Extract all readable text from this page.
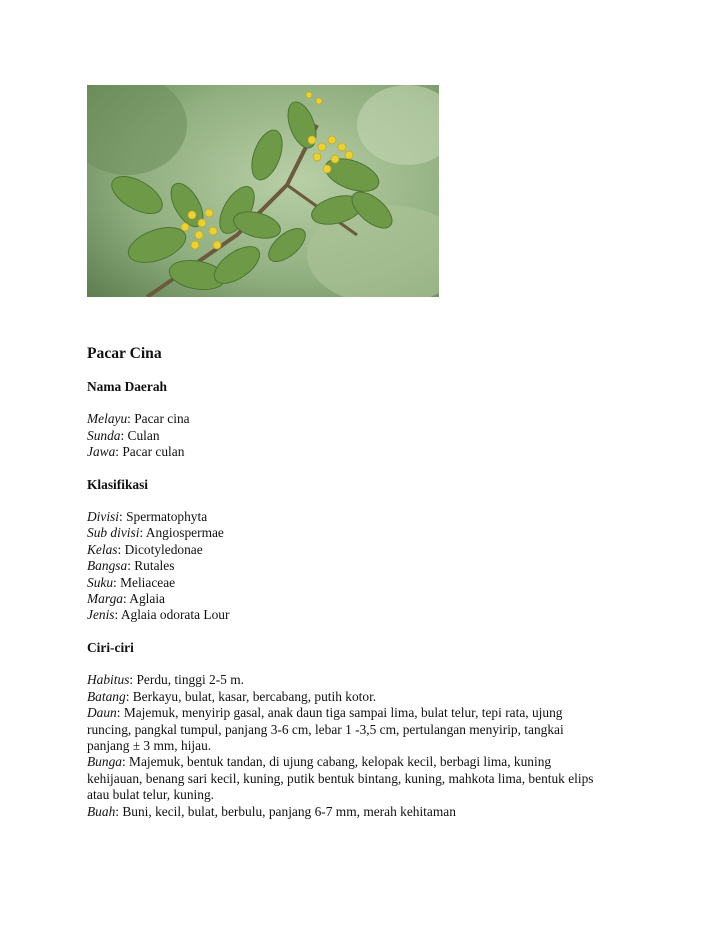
Pacar Cina

Nama Daerah

Melayu: Pacar cina

Sunda: Culan

Jawa: Pacar culan

Klasifikasi

Divisi: Spermatophyta

Sub divisi: Angiospermae

Kelas: Dicotyledonae

Bangsa: Rutales

Suku: Meliaceae

Marga: Aglaia

Jenis: Aglaia odorata Lour

Ciri-ciri

Habitus: Perdu, tinggi 2-5 m.

Batang: Berkayu, bulat, kasar, bercabang, putih kotor.

Daun: Majemuk, menyirip gasal, anak daun tiga sampai lima, bulat telur, tepi rata, ujung

runcing, pangkal tumpul, panjang 3-6 cm, lebar 1 -3,5 cm, pertulangan menyirip, tangkai

panjang ± 3 mm, hijau.

Bunga: Majemuk, bentuk tandan, di ujung cabang, kelopak kecil, berbagi lima, kuning

kehijauan, benang sari kecil, kuning, putik bentuk bintang, kuning, mahkota lima, bentuk elips

atau bulat telur, kuning.

Buah: Buni, kecil, bulat, berbulu, panjang 6-7 mm, merah kehitaman
